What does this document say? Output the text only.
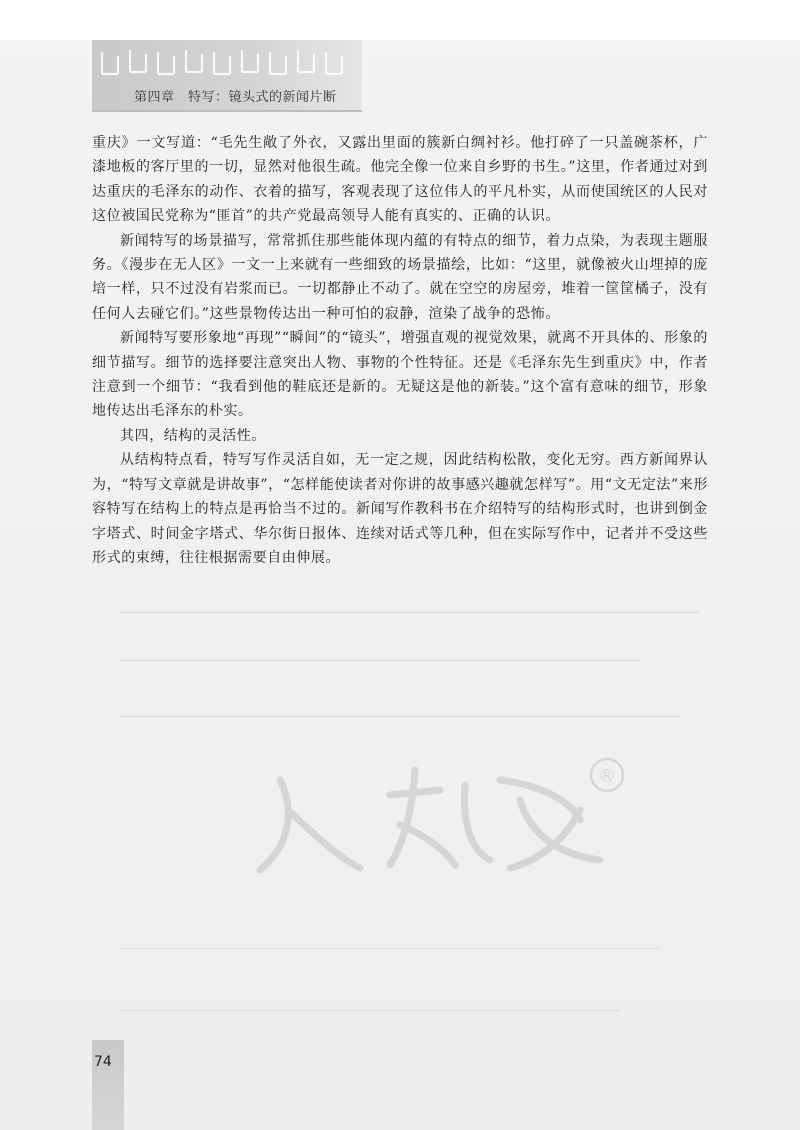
第四章　特写：镜头式的新闻片断

重庆》一文写道：“毛先生敞了外衣，又露出里面的簇新白绸衬衫。他打碎了一只盖碗茶杯，广漆地板的客厅里的一切，显然对他很生疏。他完全像一位来自乡野的书生。”这里，作者通过对到达重庆的毛泽东的动作、衣着的描写，客观表现了这位伟人的平凡朴实，从而使国统区的人民对这位被国民党称为“匪首”的共产党最高领导人能有真实的、正确的认识。

新闻特写的场景描写，常常抓住那些能体现内蕴的有特点的细节，着力点染，为表现主题服务。《漫步在无人区》一文一上来就有一些细致的场景描绘，比如：“这里，就像被火山埋掉的庞培一样，只不过没有岩浆而已。一切都静止不动了。就在空空的房屋旁，堆着一筐筐橘子，没有任何人去碰它们。”这些景物传达出一种可怕的寂静，渲染了战争的恐怖。

新闻特写要形象地“再现”“瞬间”的“镜头”，增强直观的视觉效果，就离不开具体的、形象的细节描写。细节的选择要注意突出人物、事物的个性特征。还是《毛泽东先生到重庆》中，作者注意到一个细节：“我看到他的鞋底还是新的。无疑这是他的新装。”这个富有意味的细节，形象地传达出毛泽东的朴实。

其四，结构的灵活性。

从结构特点看，特写写作灵活自如，无一定之规，因此结构松散，变化无穷。西方新闻界认为，“特写文章就是讲故事”，“怎样能使读者对你讲的故事感兴趣就怎样写”。用“文无定法”来形容特写在结构上的特点是再恰当不过的。新闻写作教科书在介绍特写的结构形式时，也讲到倒金字塔式、时间金字塔式、华尔街日报体、连续对话式等几种，但在实际写作中，记者并不受这些形式的束缚，往往根据需要自由伸展。

®
74
